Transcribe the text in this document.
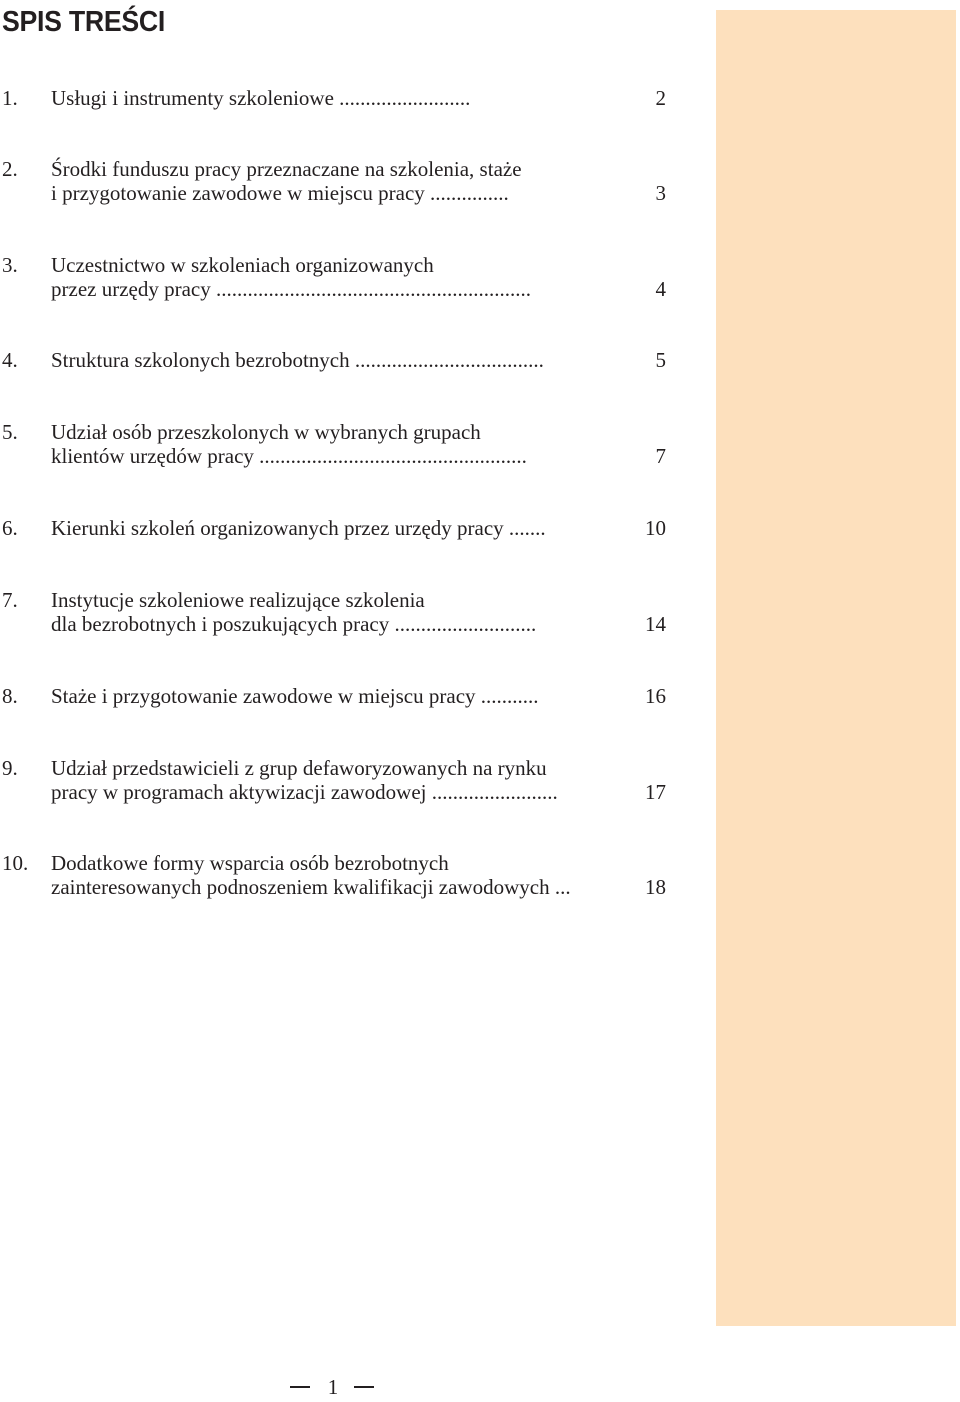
SPIS TREŚCI
1. Usługi i instrumenty szkoleniowe .........................	2
2. Środki funduszu pracy przeznaczane na szkolenia, staże
i przygotowanie zawodowe w miejscu pracy ...............	3
3. Uczestnictwo w szkoleniach organizowanych
przez urzędy pracy ............................................................	4
4. Struktura szkolonych bezrobotnych ....................................	5
5. Udział osób przeszkolonych w wybranych grupach
klientów urzędów pracy ...................................................	7
6. Kierunki szkoleń organizowanych przez urzędy pracy .......	10
7. Instytucje szkoleniowe realizujące szkolenia
dla bezrobotnych i poszukujących pracy ...........................	14
8. Staże i przygotowanie zawodowe w miejscu pracy ...........	16
9. Udział przedstawicieli z grup defaworyzowanych na rynku
pracy w programach aktywizacji zawodowej ........................	17
10. Dodatkowe formy wsparcia osób bezrobotnych
zainteresowanych podnoszeniem kwalifikacji zawodowych ...	18
1
